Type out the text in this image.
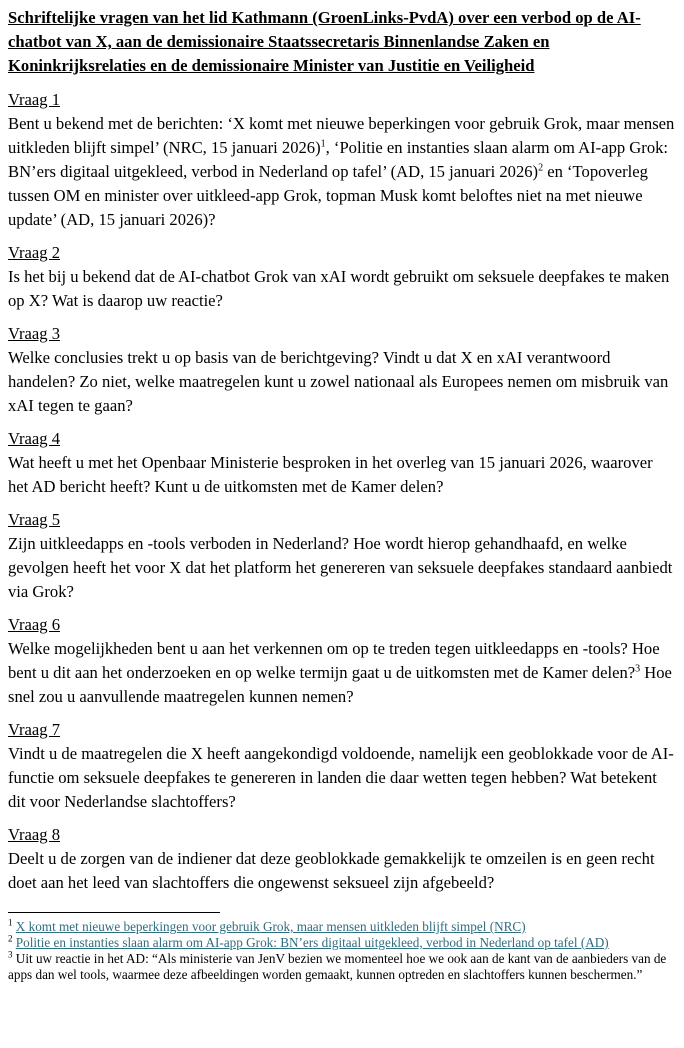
Schriftelijke vragen van het lid Kathmann (GroenLinks-PvdA) over een verbod op de AI-chatbot van X, aan de demissionaire Staatssecretaris Binnenlandse Zaken en Koninkrijksrelaties en de demissionaire Minister van Justitie en Veiligheid
Vraag 1
Bent u bekend met de berichten: ‘X komt met nieuwe beperkingen voor gebruik Grok, maar mensen uitkleden blijft simpel’ (NRC, 15 januari 2026)$^1$, ‘Politie en instanties slaan alarm om AI-app Grok: BN’ers digitaal uitgekleed, verbod in Nederland op tafel’ (AD, 15 januari 2026)$^2$ en ‘Topoverleg tussen OM en minister over uitkleed-app Grok, topman Musk komt beloftes niet na met nieuwe update’ (AD, 15 januari 2026)?
Vraag 2
Is het bij u bekend dat de AI-chatbot Grok van xAI wordt gebruikt om seksuele deepfakes te maken op X? Wat is daarop uw reactie?
Vraag 3
Welke conclusies trekt u op basis van de berichtgeving? Vindt u dat X en xAI verantwoord handelen? Zo niet, welke maatregelen kunt u zowel nationaal als Europees nemen om misbruik van xAI tegen te gaan?
Vraag 4
Wat heeft u met het Openbaar Ministerie besproken in het overleg van 15 januari 2026, waarover het AD bericht heeft? Kunt u de uitkomsten met de Kamer delen?
Vraag 5
Zijn uitkleedapps en -tools verboden in Nederland? Hoe wordt hierop gehandhaafd, en welke gevolgen heeft het voor X dat het platform het genereren van seksuele deepfakes standaard aanbiedt via Grok?
Vraag 6
Welke mogelijkheden bent u aan het verkennen om op te treden tegen uitkleedapps en -tools? Hoe bent u dit aan het onderzoeken en op welke termijn gaat u de uitkomsten met de Kamer delen?$^3$ Hoe snel zou u aanvullende maatregelen kunnen nemen?
Vraag 7
Vindt u de maatregelen die X heeft aangekondigd voldoende, namelijk een geoblokkade voor de AI-functie om seksuele deepfakes te genereren in landen die daar wetten tegen hebben? Wat betekent dit voor Nederlandse slachtoffers?
Vraag 8
Deelt u de zorgen van de indiener dat deze geoblokkade gemakkelijk te omzeilen is en geen recht doet aan het leed van slachtoffers die ongewenst seksueel zijn afgebeeld?
$^1$ X komt met nieuwe beperkingen voor gebruik Grok, maar mensen uitkleden blijft simpel (NRC)
$^2$ Politie en instanties slaan alarm om AI-app Grok: BN’ers digitaal uitgekleed, verbod in Nederland op tafel (AD)
$^3$ Uit uw reactie in het AD: “Als ministerie van JenV bezien we momenteel hoe we ook aan de kant van de aanbieders van de apps dan wel tools, waarmee deze afbeeldingen worden gemaakt, kunnen optreden en slachtoffers kunnen beschermen.”
